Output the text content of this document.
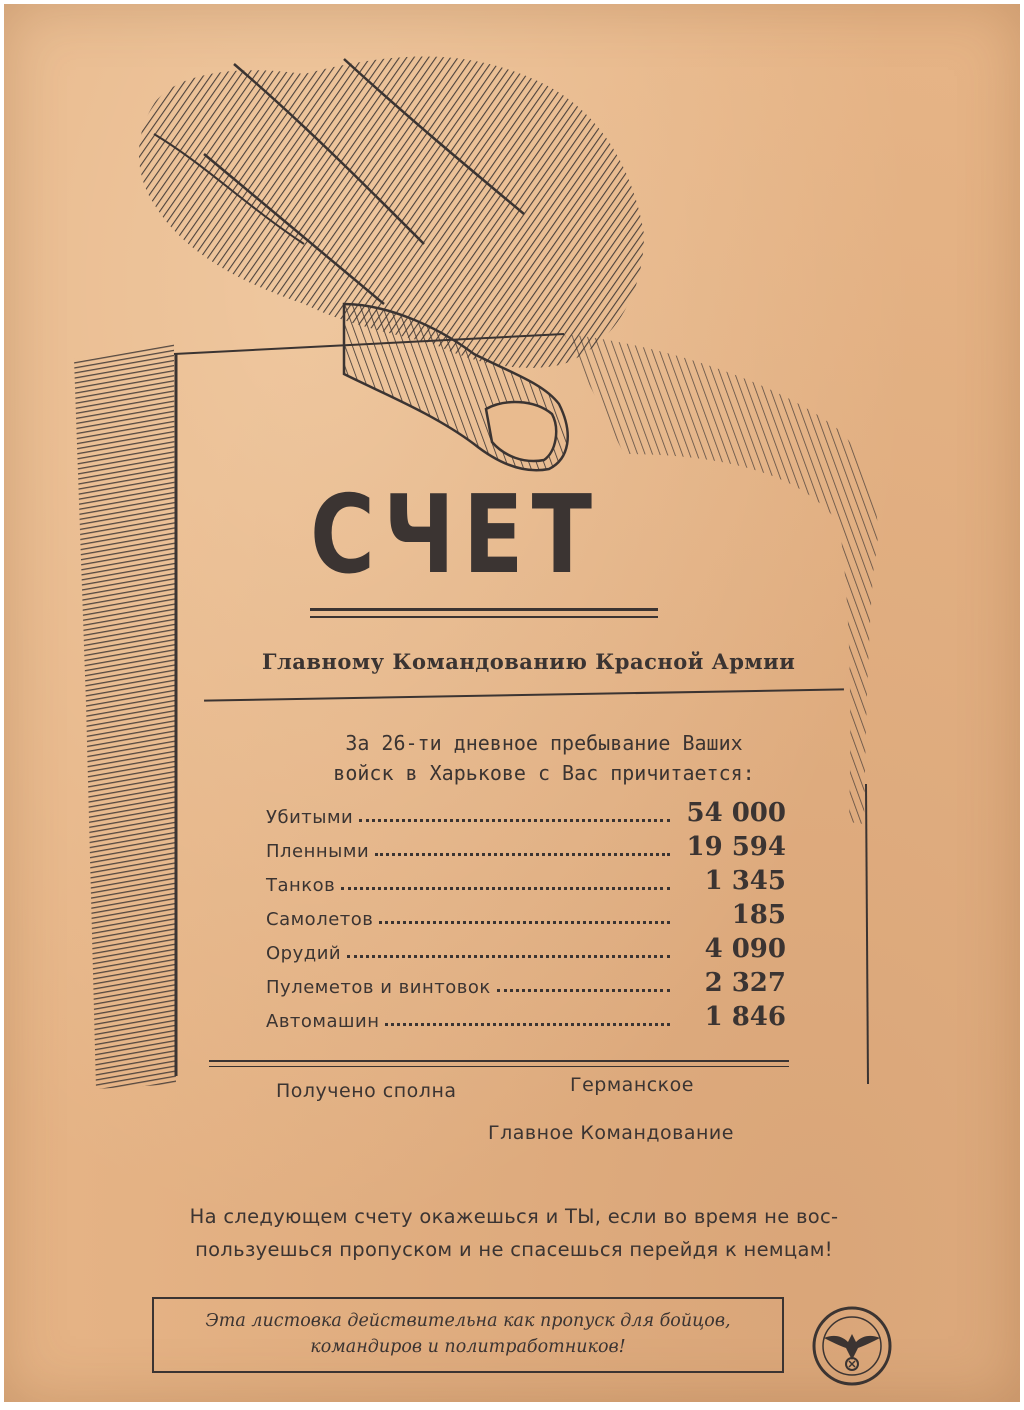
СЧЕТ
Главному Командованию Красной Армии
За 26-ти дневное пребывание Ваших
войск в Харькове с Вас причитается:
Убитыми	54 000
Пленными	19 594
Танков	1 345
Самолетов	185
Орудий	4 090
Пулеметов и винтовок	2 327
Автомашин	1 846
Получено сполна	Германское
Главное Командование
На следующем счету окажешься и ТЫ, если во время не вос-
пользуешься пропуском и не спасешься перейдя к немцам!
Эта листовка действительна как пропуск для бойцов,
командиров и политработников!
